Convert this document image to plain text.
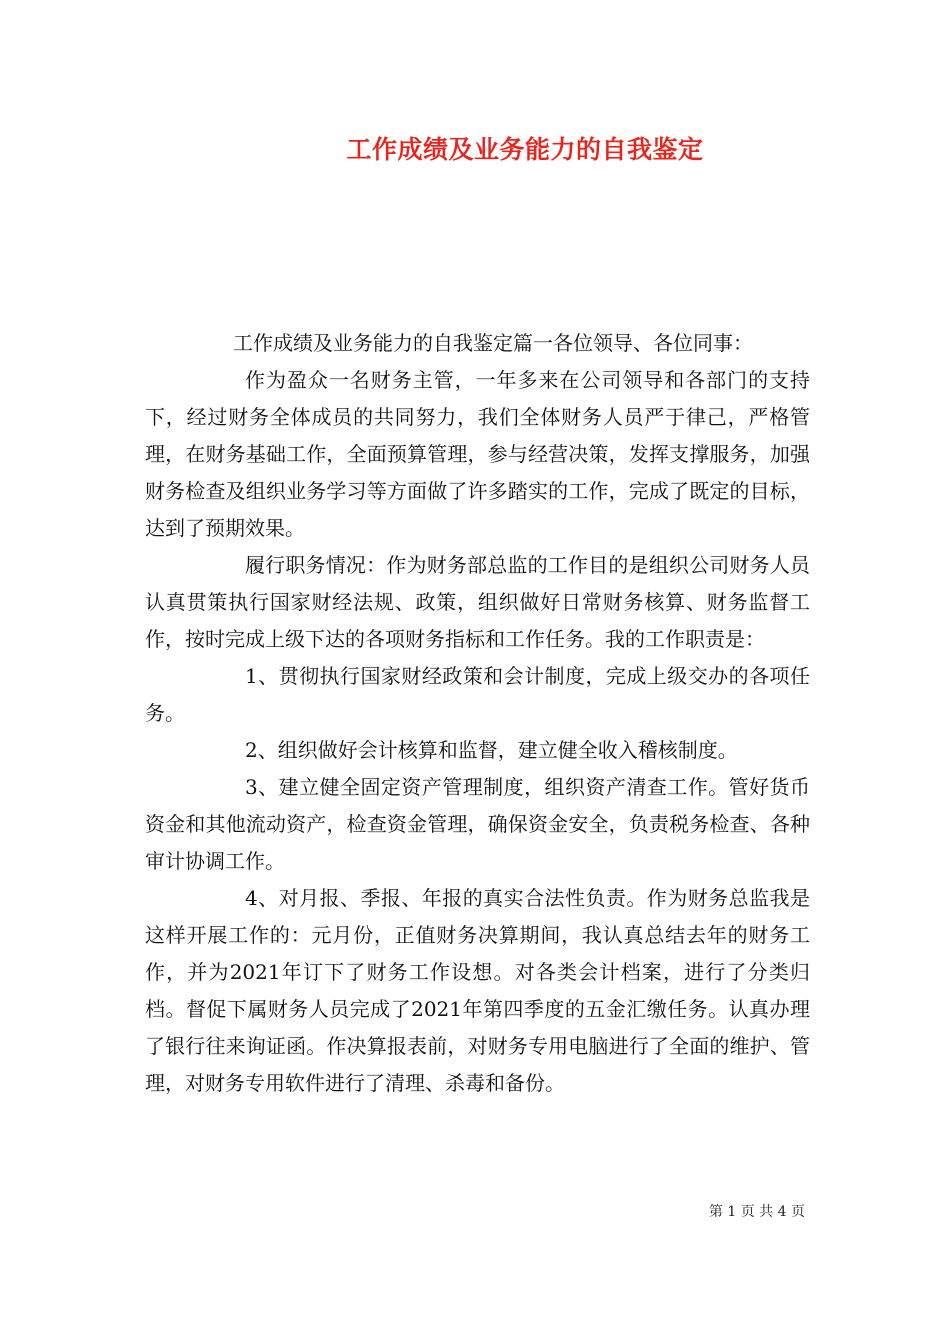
工作成绩及业务能力的自我鉴定

工作成绩及业务能力的自我鉴定篇一各位领导、各位同事：

作为盈众一名财务主管，一年多来在公司领导和各部门的支持下，经过财务全体成员的共同努力，我们全体财务人员严于律己，严格管理，在财务基础工作，全面预算管理，参与经营决策，发挥支撑服务，加强财务检查及组织业务学习等方面做了许多踏实的工作，完成了既定的目标，达到了预期效果。

履行职务情况：作为财务部总监的工作目的是组织公司财务人员认真贯策执行国家财经法规、政策，组织做好日常财务核算、财务监督工作，按时完成上级下达的各项财务指标和工作任务。我的工作职责是：

1、贯彻执行国家财经政策和会计制度，完成上级交办的各项任务。

2、组织做好会计核算和监督，建立健全收入稽核制度。

3、建立健全固定资产管理制度，组织资产清查工作。管好货币资金和其他流动资产，检查资金管理，确保资金安全，负责税务检查、各种审计协调工作。

4、对月报、季报、年报的真实合法性负责。作为财务总监我是这样开展工作的：元月份，正值财务决算期间，我认真总结去年的财务工作，并为2021年订下了财务工作设想。对各类会计档案，进行了分类归档。督促下属财务人员完成了2021年第四季度的五金汇缴任务。认真办理了银行往来询证函。作决算报表前，对财务专用电脑进行了全面的维护、管理，对财务专用软件进行了清理、杀毒和备份。

第 1 页 共 4 页
